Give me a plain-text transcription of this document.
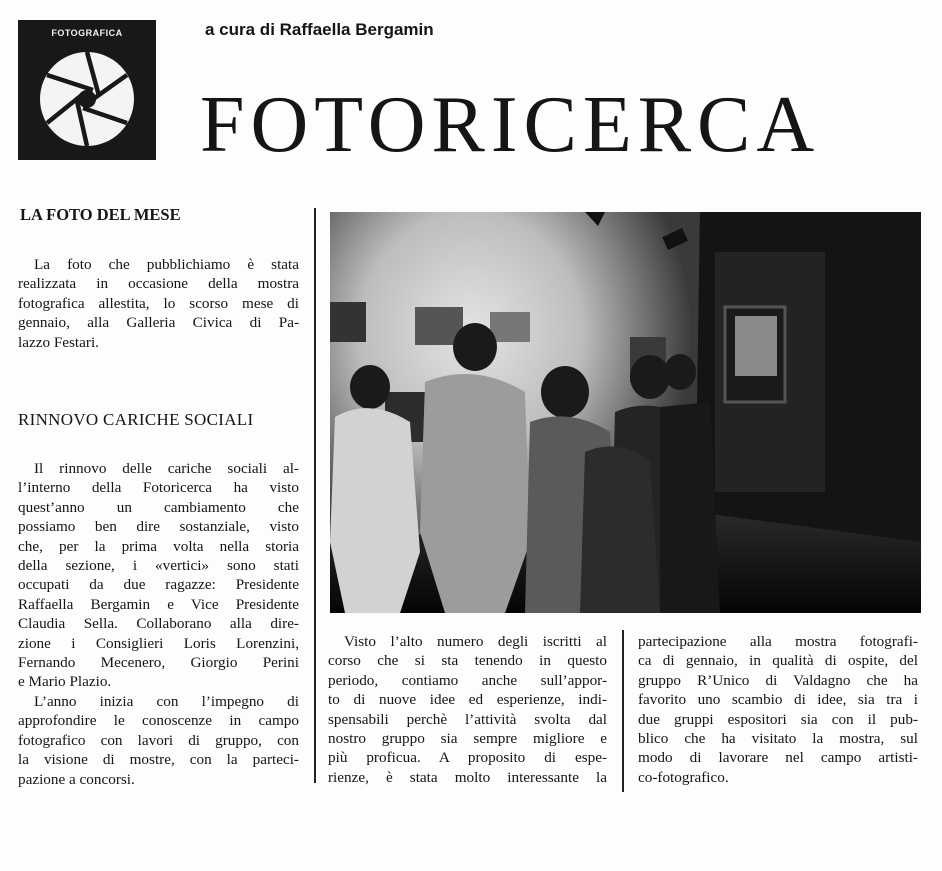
FOTOGRAFICA	a cura di Raffaella Bergamin
FOTORICERCA
LA FOTO DEL MESE

La foto che pubblichiamo è stata

realizzata in occasione della mostra

fotografica allestita, lo scorso mese di

gennaio, alla Galleria Civica di Pa-

lazzo Festari.

RINNOVO CARICHE SOCIALI

Il rinnovo delle cariche sociali al-

l’interno della Fotoricerca ha visto

quest’anno un cambiamento che

possiamo ben dire sostanziale, visto

che, per la prima volta nella storia

della sezione, i «vertici» sono stati

occupati da due ragazze: Presidente

Raffaella Bergamin e Vice Presidente

Claudia Sella. Collaborano alla dire-

zione i Consiglieri Loris Lorenzini,

Fernando Mecenero, Giorgio Perini

e Mario Plazio.

L’anno inizia con l’impegno di

approfondire le conoscenze in campo

fotografico con lavori di gruppo, con

la visione di mostre, con la parteci-

pazione a concorsi.

Visto l’alto numero degli iscritti al

corso che si sta tenendo in questo

periodo, contiamo anche sull’appor-

to di nuove idee ed esperienze, indi-

spensabili perchè l’attività svolta dal

nostro gruppo sia sempre migliore e

più proficua. A proposito di espe-

rienze, è stata molto interessante la

partecipazione alla mostra fotografi-

ca di gennaio, in qualità di ospite, del

gruppo R’Unico di Valdagno che ha

favorito uno scambio di idee, sia tra i

due gruppi espositori sia con il pub-

blico che ha visitato la mostra, sul

modo di lavorare nel campo artisti-

co-fotografico.
